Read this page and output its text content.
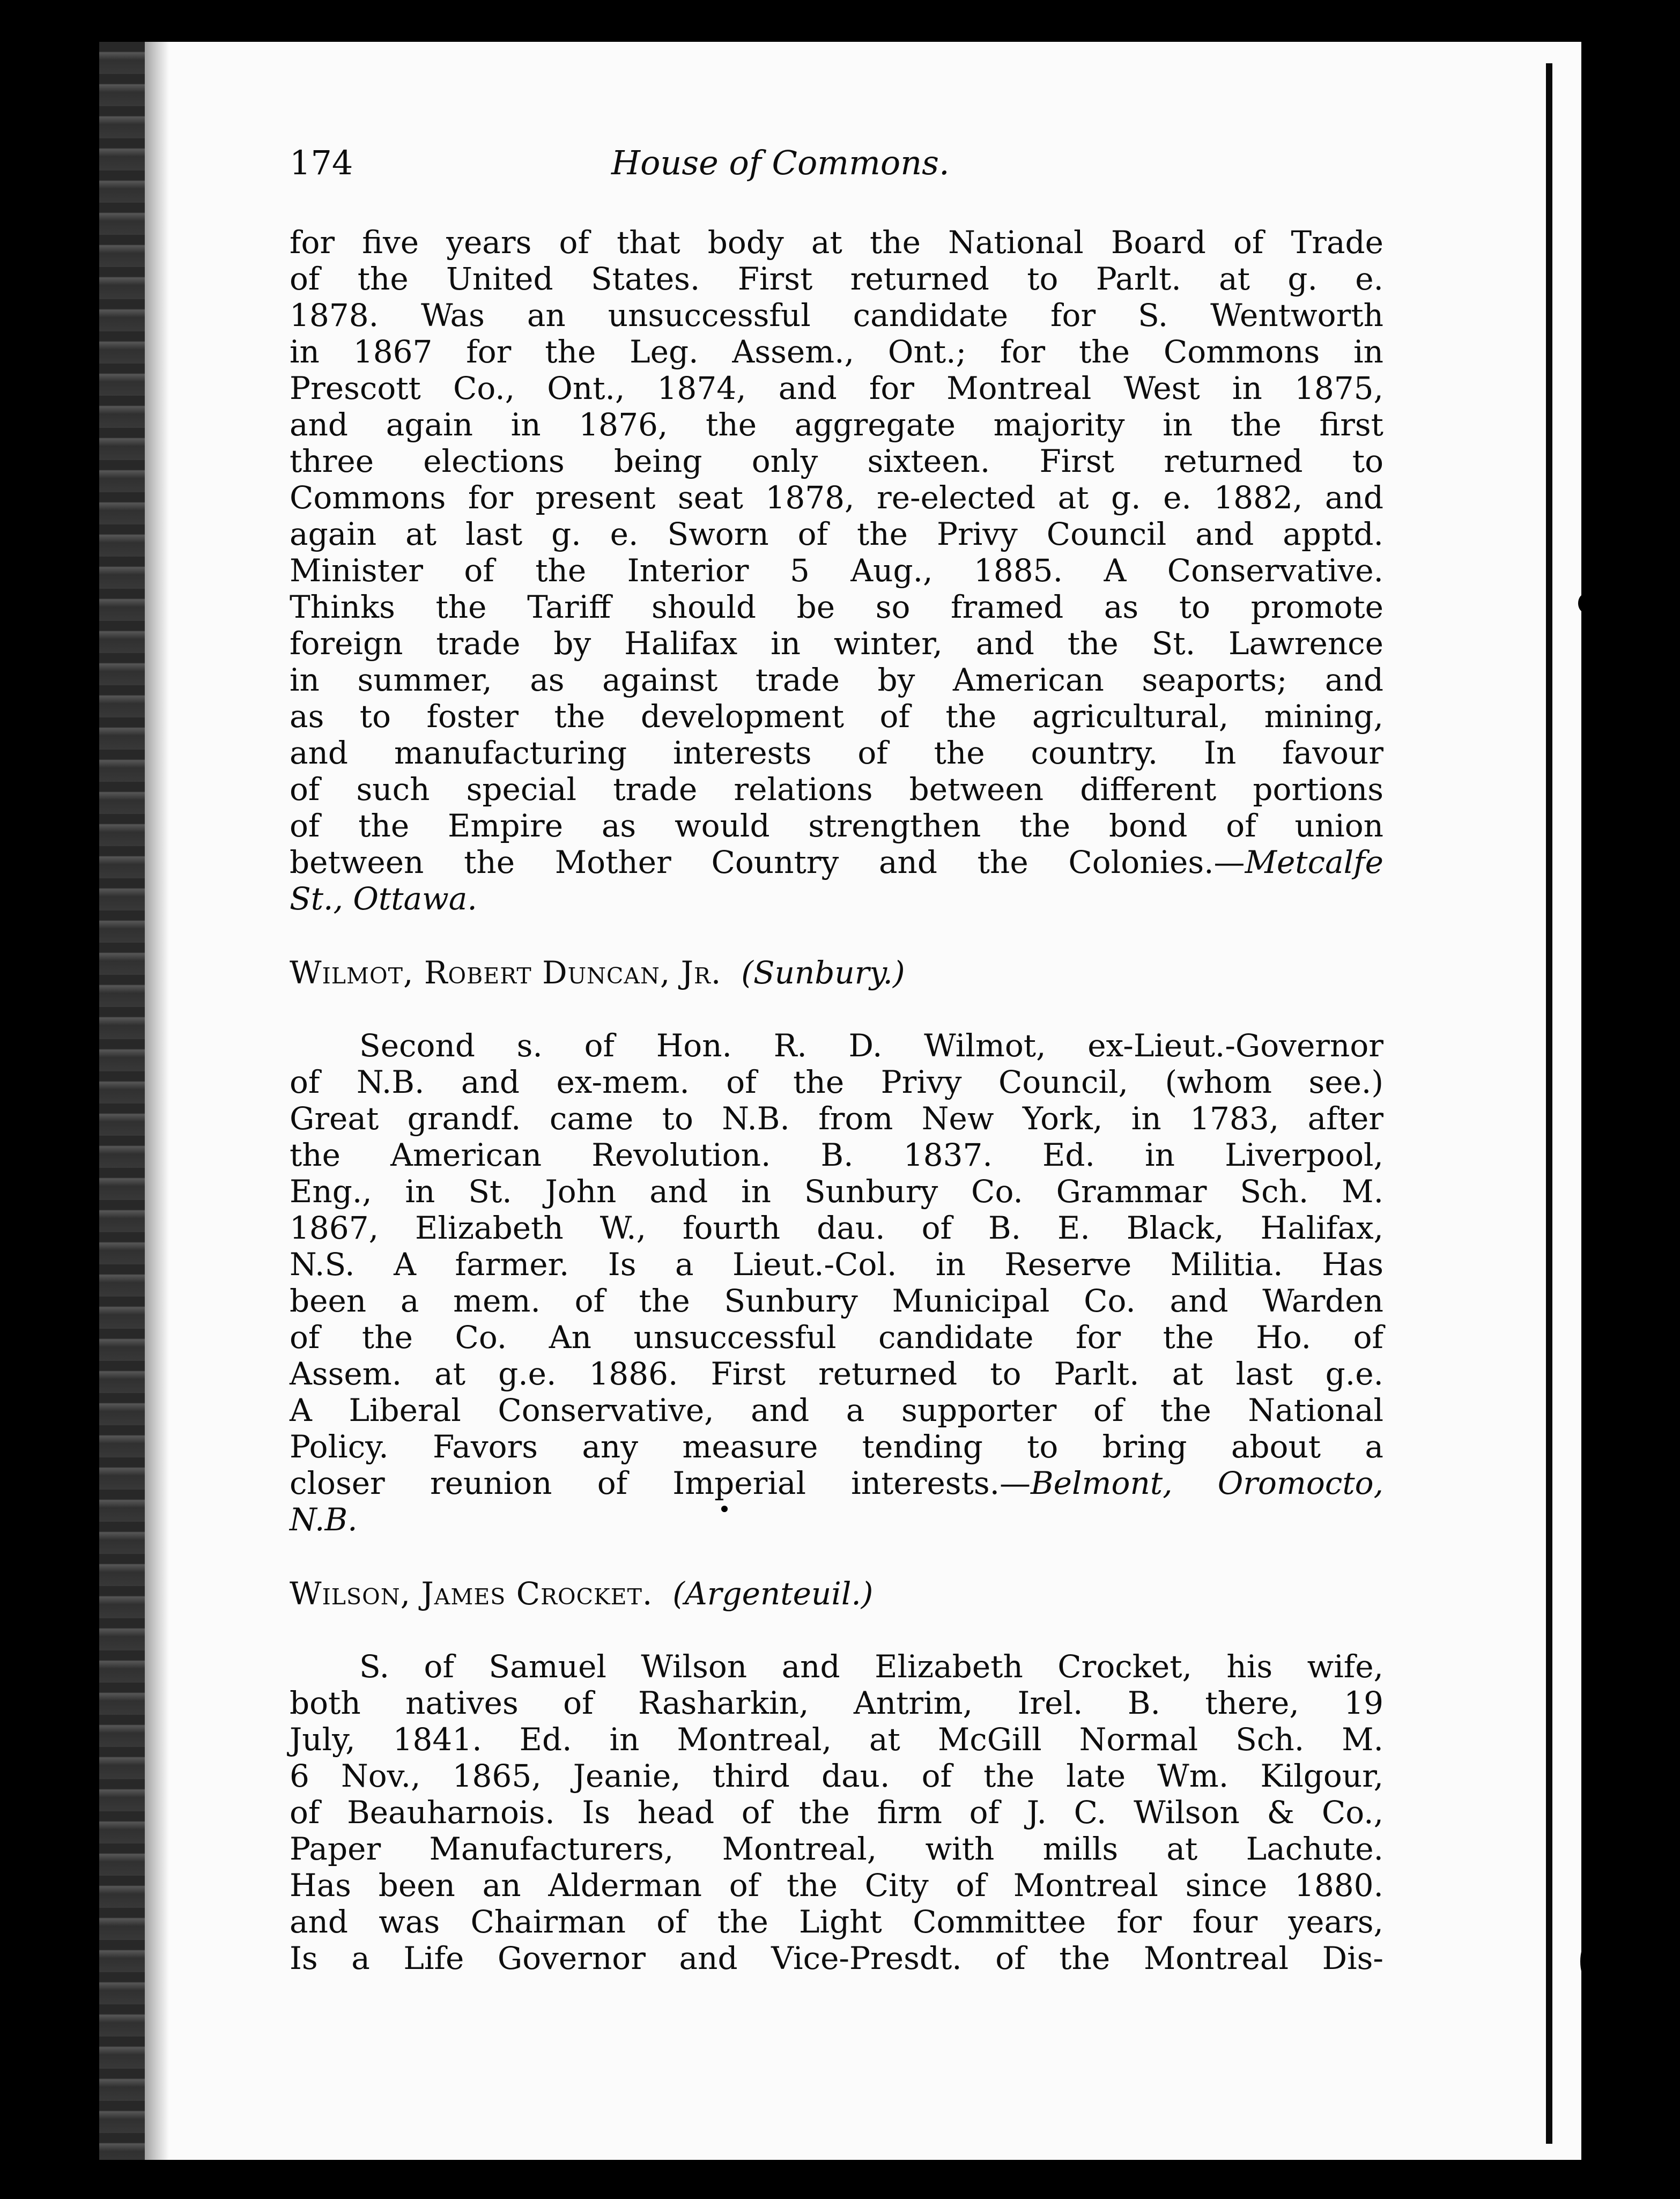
174	House of Commons.
for five years of that body at the National Board of Trade
of the United States. First returned to Parlt. at g. e.
1878. Was an unsuccessful candidate for S. Wentworth
in 1867 for the Leg. Assem., Ont.; for the Commons in
Prescott Co., Ont., 1874, and for Montreal West in 1875,
and again in 1876, the aggregate majority in the first
three elections being only sixteen. First returned to
Commons for present seat 1878, re-elected at g. e. 1882, and
again at last g. e. Sworn of the Privy Council and apptd.
Minister of the Interior 5 Aug., 1885. A Conservative.
Thinks the Tariff should be so framed as to promote
foreign trade by Halifax in winter, and the St. Lawrence
in summer, as against trade by American seaports; and
as to foster the development of the agricultural, mining,
and manufacturing interests of the country. In favour
of such special trade relations between different portions
of the Empire as would strengthen the bond of union
between the Mother Country and the Colonies.—Metcalfe
St., Ottawa.
Wilmot, Robert Duncan, Jr. (Sunbury.)
Second s. of Hon. R. D. Wilmot, ex-Lieut.-Governor
of N.B. and ex-mem. of the Privy Council, (whom see.)
Great grandf. came to N.B. from New York, in 1783, after
the American Revolution. B. 1837. Ed. in Liverpool,
Eng., in St. John and in Sunbury Co. Grammar Sch. M.
1867, Elizabeth W., fourth dau. of B. E. Black, Halifax,
N.S. A farmer. Is a Lieut.-Col. in Reserve Militia. Has
been a mem. of the Sunbury Municipal Co. and Warden
of the Co. An unsuccessful candidate for the Ho. of
Assem. at g.e. 1886. First returned to Parlt. at last g.e.
A Liberal Conservative, and a supporter of the National
Policy. Favors any measure tending to bring about a
closer reunion of Imperial interests.—Belmont, Oromocto,
N.B.
Wilson, James Crocket. (Argenteuil.)
S. of Samuel Wilson and Elizabeth Crocket, his wife,
both natives of Rasharkin, Antrim, Irel. B. there, 19
July, 1841. Ed. in Montreal, at McGill Normal Sch. M.
6 Nov., 1865, Jeanie, third dau. of the late Wm. Kilgour,
of Beauharnois. Is head of the firm of J. C. Wilson & Co.,
Paper Manufacturers, Montreal, with mills at Lachute.
Has been an Alderman of the City of Montreal since 1880.
and was Chairman of the Light Committee for four years,
Is a Life Governor and Vice-Presdt. of the Montreal Dis-
